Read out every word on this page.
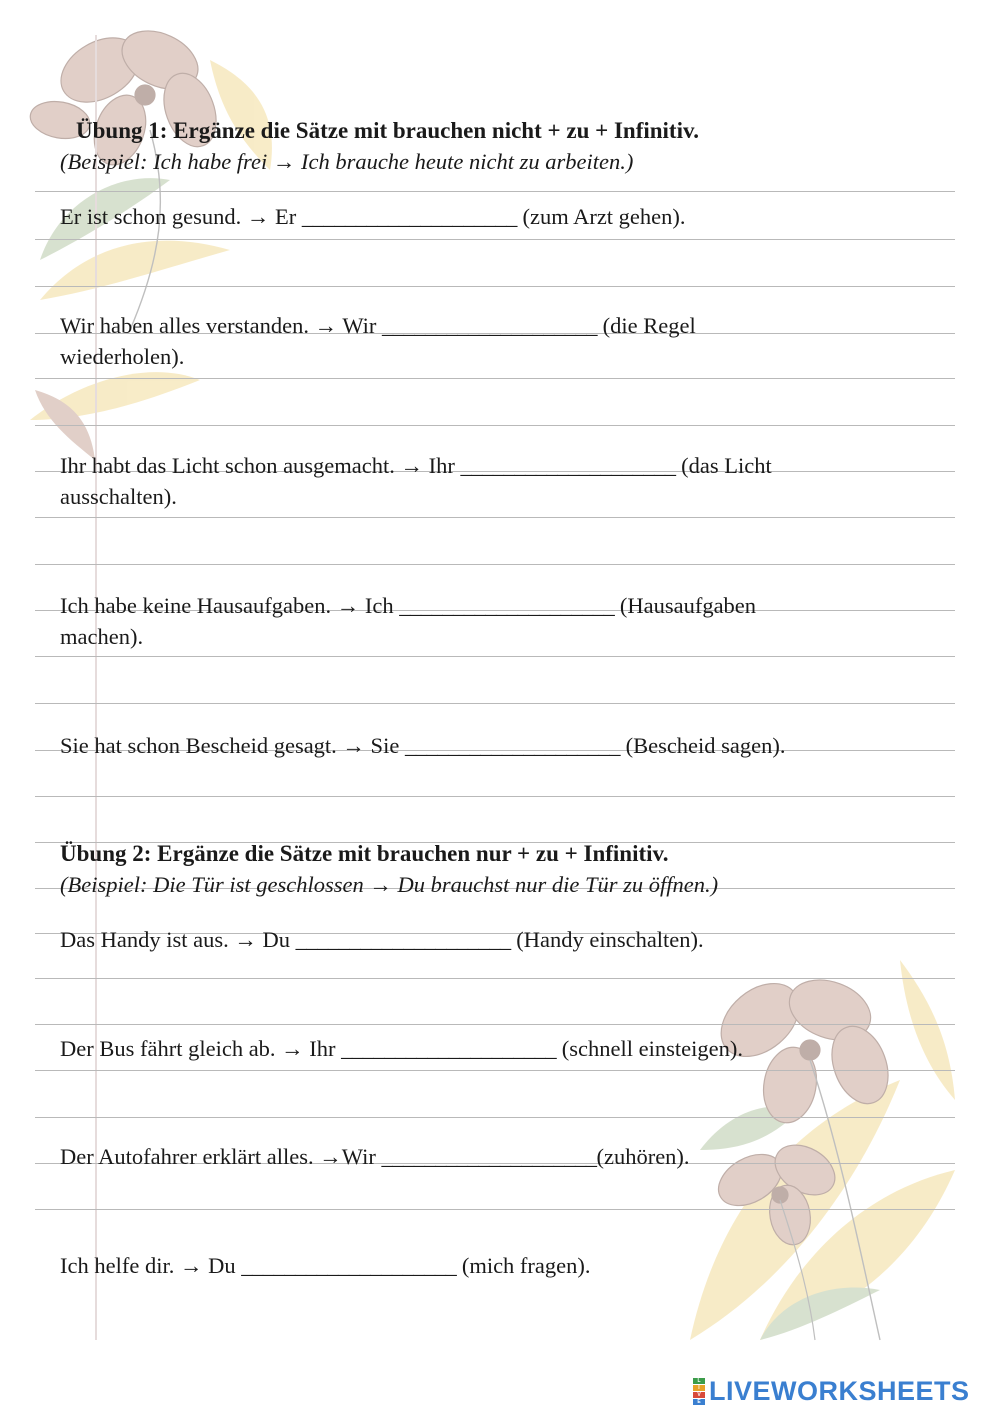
Übung 1: Ergänze die Sätze mit brauchen nicht + zu + Infinitiv.
(Beispiel: Ich habe frei → Ich brauche heute nicht zu arbeiten.)
Er ist schon gesund. → Er ____________________ (zum Arzt gehen).
Wir haben alles verstanden. → Wir ____________________ (die Regel
wiederholen).
Ihr habt das Licht schon ausgemacht. → Ihr ____________________ (das Licht
ausschalten).
Ich habe keine Hausaufgaben. → Ich ____________________ (Hausaufgaben
machen).
Sie hat schon Bescheid gesagt. → Sie ____________________ (Bescheid sagen).
Übung 2: Ergänze die Sätze mit brauchen nur + zu + Infinitiv.
(Beispiel: Die Tür ist geschlossen → Du brauchst nur die Tür zu öffnen.)
Das Handy ist aus. → Du ____________________ (Handy einschalten).
Der Bus fährt gleich ab. → Ihr ____________________ (schnell einsteigen).
Der Autofahrer erklärt alles. →Wir ____________________(zuhören).
Ich helfe dir. → Du ____________________ (mich fragen).
L
I
V
E LIVEWORKSHEETS
